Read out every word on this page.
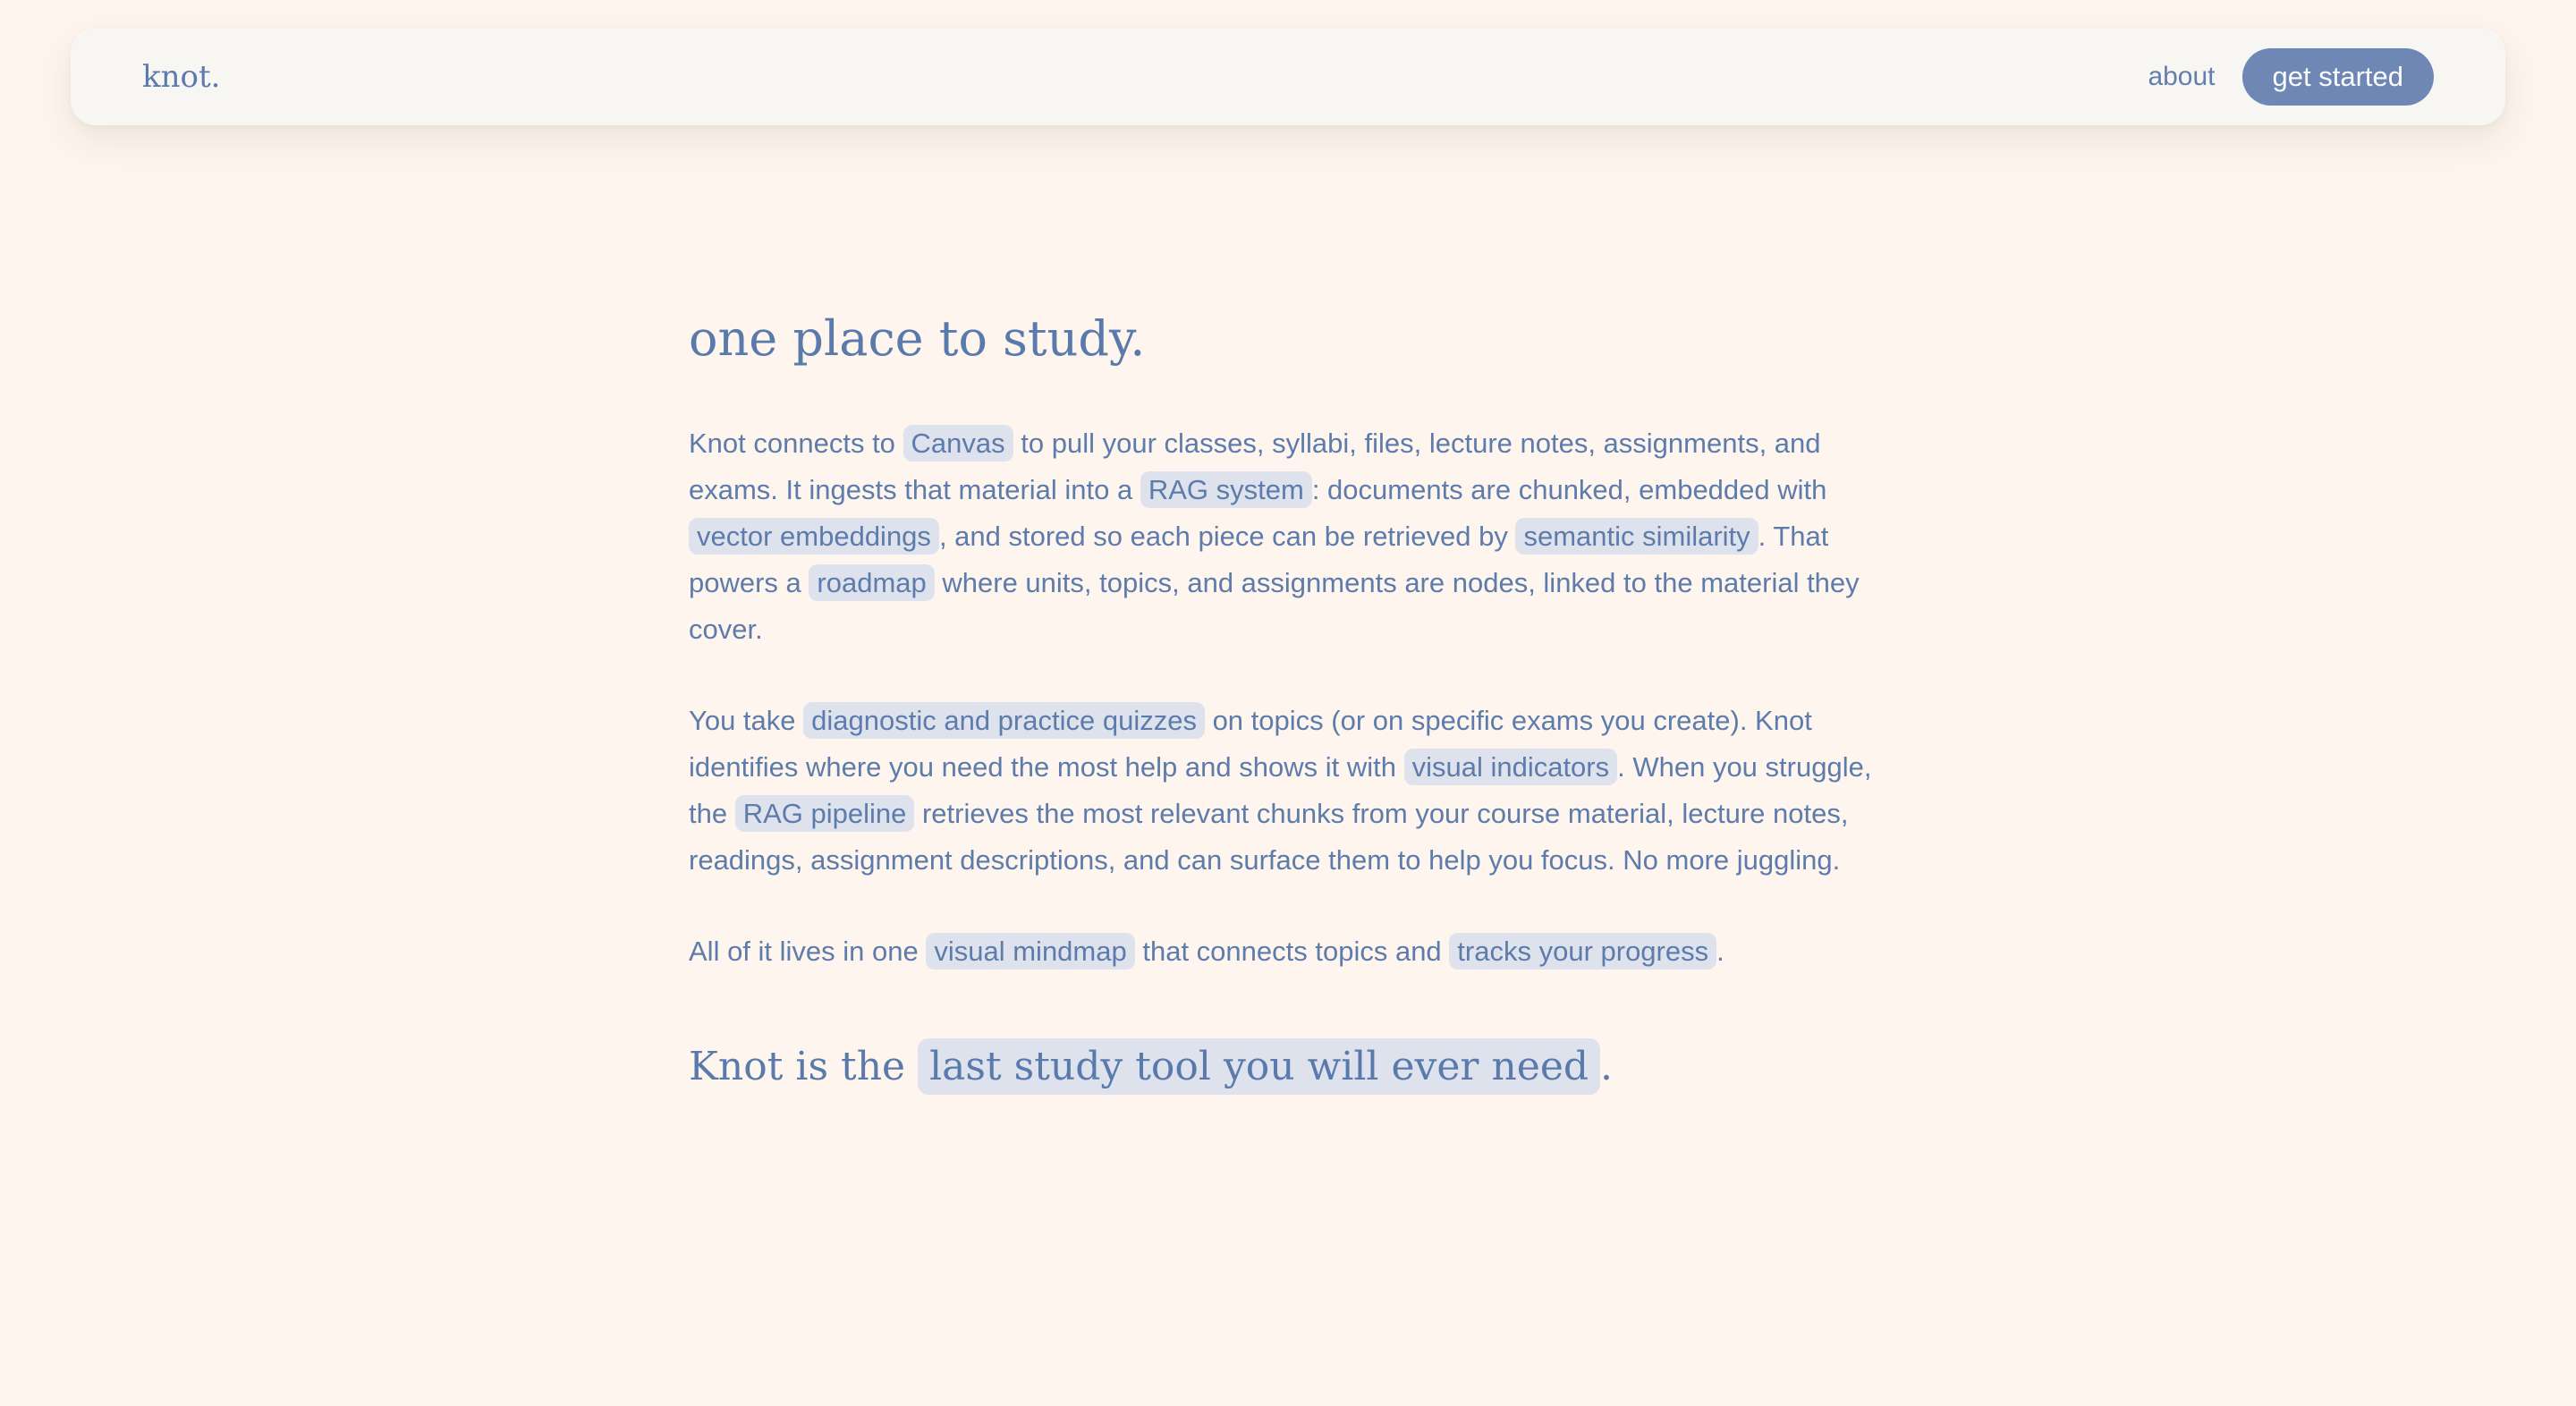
knot.	about	get started
one place to study.

Knot connects to Canvas to pull your classes, syllabi, files, lecture notes, assignments, and exams. It ingests that material into a RAG system : documents are chunked, embedded with vector embeddings , and stored so each piece can be retrieved by semantic similarity . That powers a roadmap where units, topics, and assignments are nodes, linked to the material they cover.

You take diagnostic and practice quizzes on topics (or on specific exams you create). Knot identifies where you need the most help and shows it with visual indicators . When you struggle, the RAG pipeline retrieves the most relevant chunks from your course material, lecture notes, readings, assignment descriptions, and can surface them to help you focus. No more juggling.

All of it lives in one visual mindmap that connects topics and tracks your progress .

Knot is the last study tool you will ever need .
